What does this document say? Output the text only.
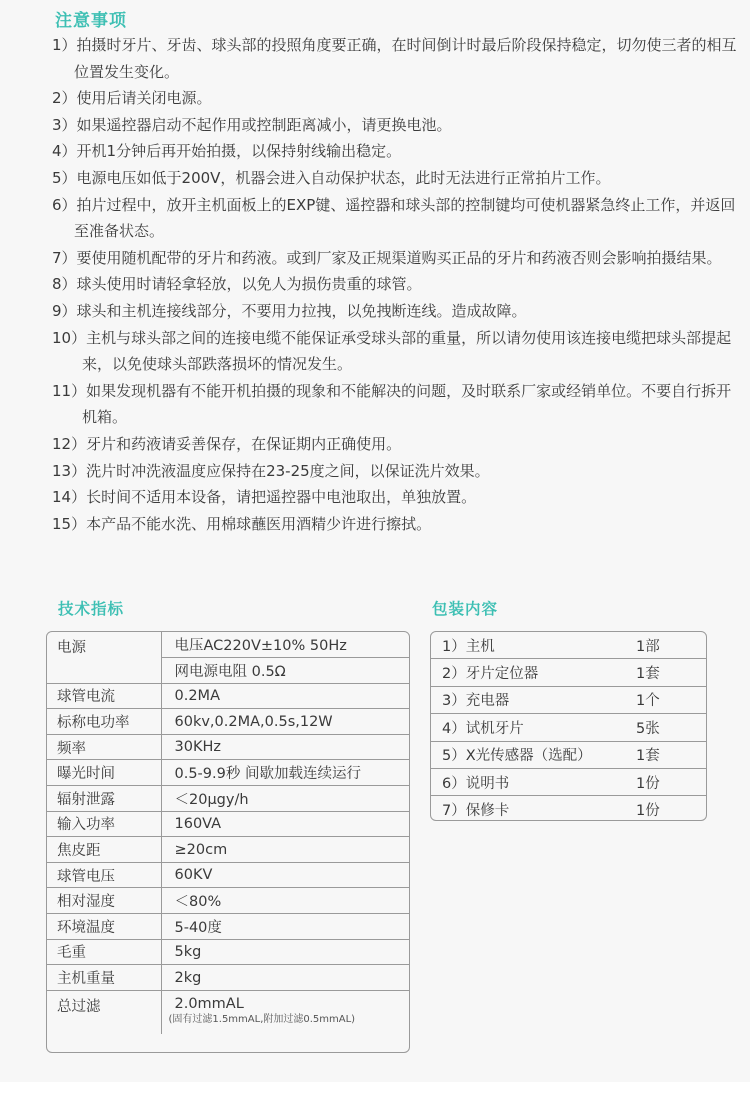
注意事项
1）拍摄时牙片、牙齿、球头部的投照角度要正确，在时间倒计时最后阶段保持稳定，切勿使三者的相互位置发生变化。
2）使用后请关闭电源。
3）如果遥控器启动不起作用或控制距离减小，请更换电池。
4）开机1分钟后再开始拍摄，以保持射线输出稳定。
5）电源电压如低于200V，机器会进入自动保护状态，此时无法进行正常拍片工作。
6）拍片过程中，放开主机面板上的EXP键、遥控器和球头部的控制键均可使机器紧急终止工作，并返回至准备状态。
7）要使用随机配带的牙片和药液。或到厂家及正规渠道购买正品的牙片和药液否则会影响拍摄结果。
8）球头使用时请轻拿轻放，以免人为损伤贵重的球管。
9）球头和主机连接线部分，不要用力拉拽，以免拽断连线。造成故障。
10）主机与球头部之间的连接电缆不能保证承受球头部的重量，所以请勿使用该连接电缆把球头部提起来，以免使球头部跌落损坏的情况发生。
11）如果发现机器有不能开机拍摄的现象和不能解决的问题，及时联系厂家或经销单位。不要自行拆开机箱。
12）牙片和药液请妥善保存，在保证期内正确使用。
13）洗片时冲洗液温度应保持在23-25度之间，以保证洗片效果。
14）长时间不适用本设备，请把遥控器中电池取出，单独放置。
15）本产品不能水洗、用棉球蘸医用酒精少许进行擦拭。
技术指标
电源	电压AC220V±10% 50Hz
	网电源电阻 0.5Ω
球管电流	0.2MA
标称电功率	60kv,0.2MA,0.5s,12W
频率	30KHz
曝光时间	0.5-9.9秒 间歇加载连续运行
辐射泄露	＜20μgy/h
输入功率	160VA
焦皮距	≥20cm
球管电压	60KV
相对湿度	＜80%
环境温度	5-40度
毛重	5kg
主机重量	2kg
总过滤	2.0mmAL
(固有过滤1.5mmAL,附加过滤0.5mmAL)
包装内容
1）主机	1部
2）牙片定位器	1套
3）充电器	1个
4）试机牙片	5张
5）X光传感器（选配）	1套
6）说明书	1份
7）保修卡	1份
